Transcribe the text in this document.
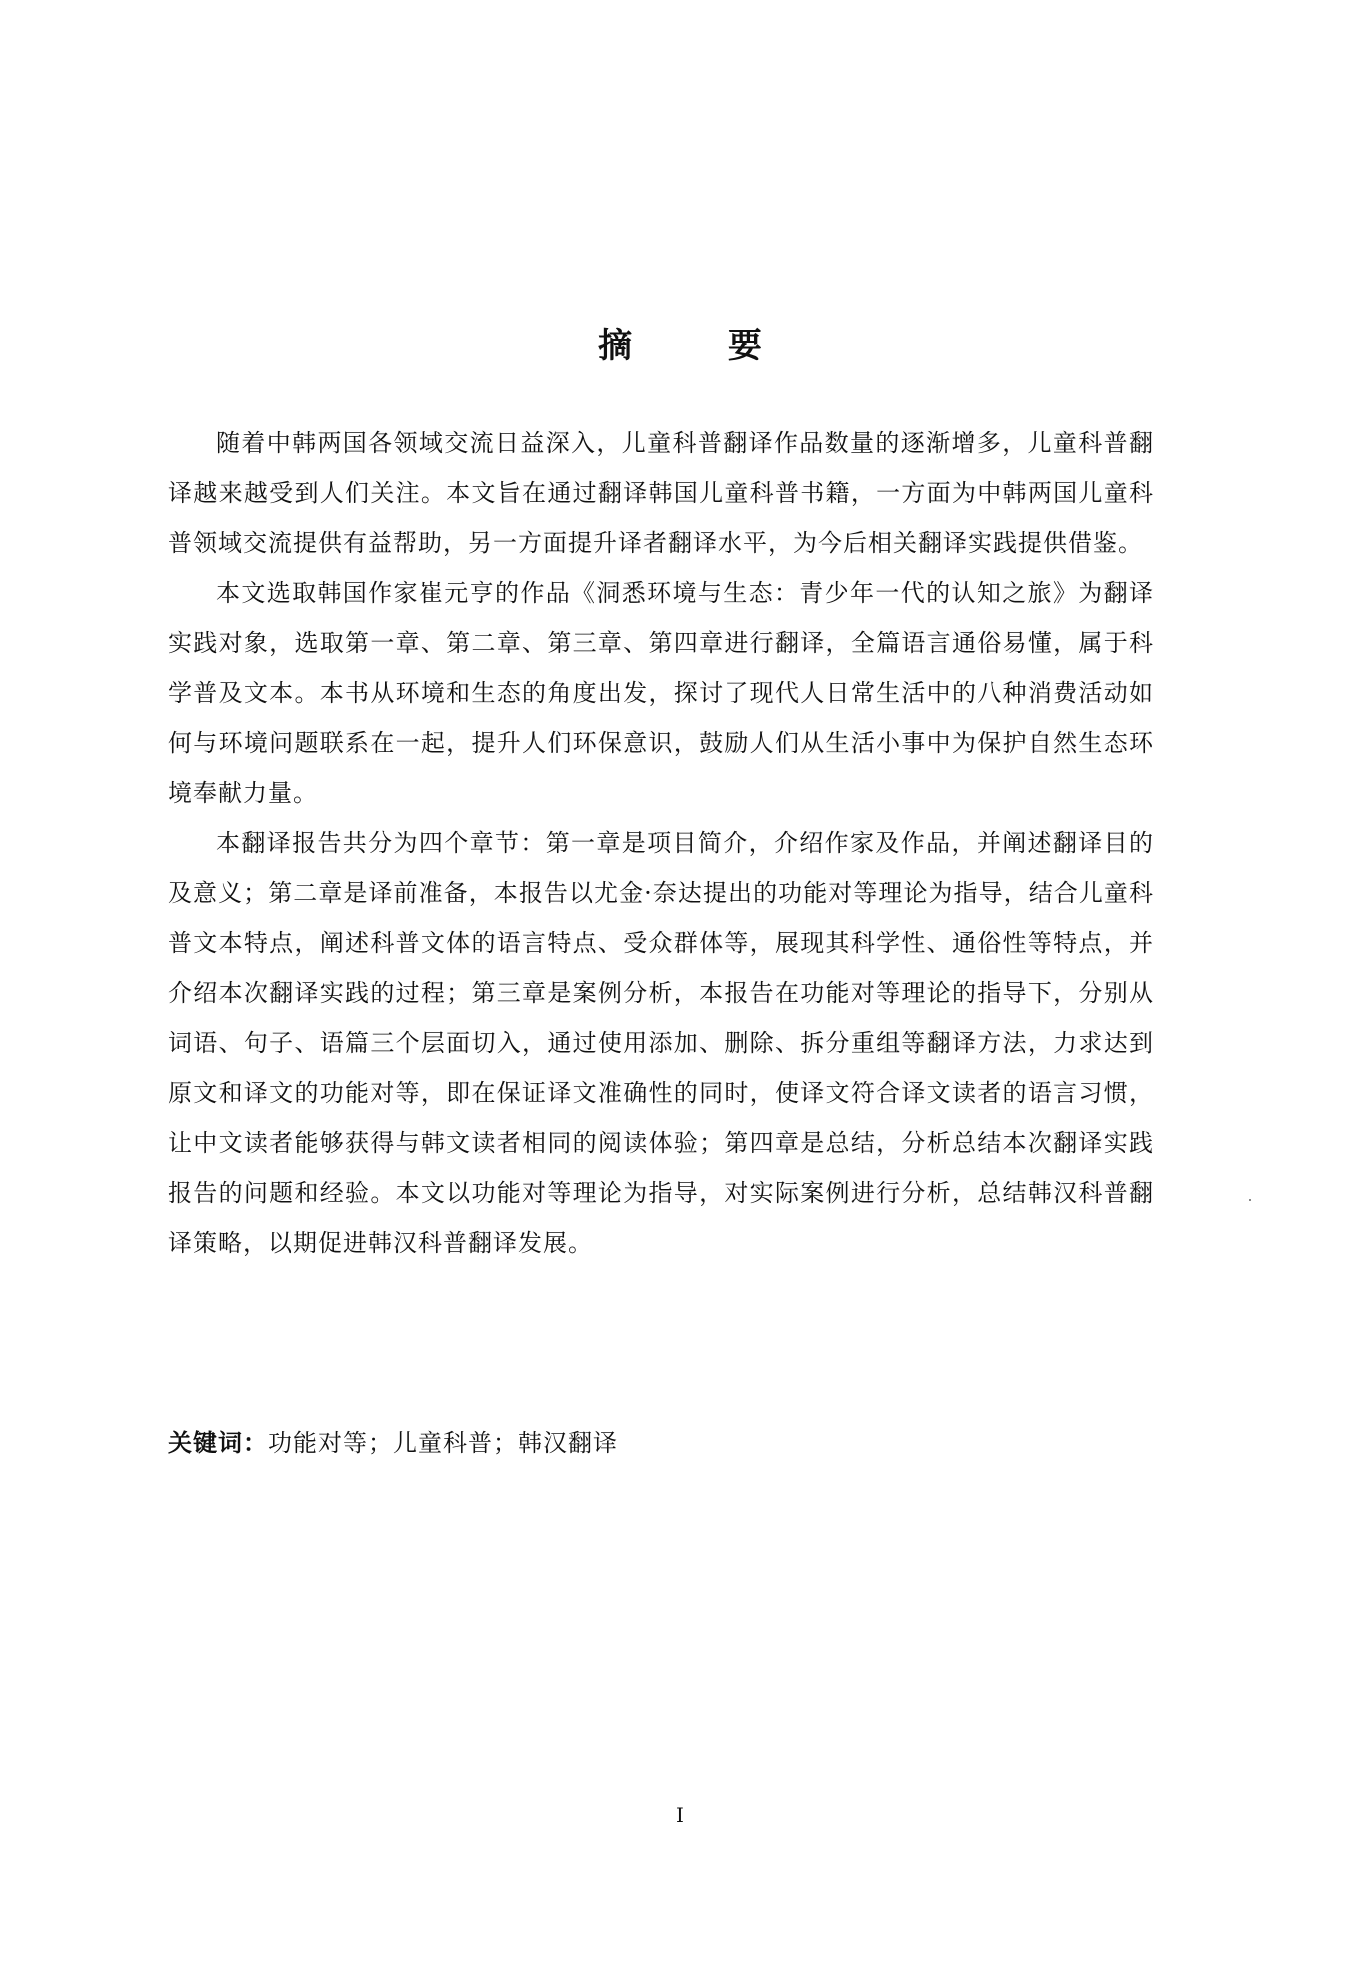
摘 要

随着中韩两国各领域交流日益深入，儿童科普翻译作品数量的逐渐增多，儿童科普翻译越来越受到人们关注。本文旨在通过翻译韩国儿童科普书籍，一方面为中韩两国儿童科普领域交流提供有益帮助，另一方面提升译者翻译水平，为今后相关翻译实践提供借鉴。

本文选取韩国作家崔元亨的作品《洞悉环境与生态：青少年一代的认知之旅》为翻译实践对象，选取第一章、第二章、第三章、第四章进行翻译，全篇语言通俗易懂，属于科学普及文本。本书从环境和生态的角度出发，探讨了现代人日常生活中的八种消费活动如何与环境问题联系在一起，提升人们环保意识，鼓励人们从生活小事中为保护自然生态环境奉献力量。

本翻译报告共分为四个章节：第一章是项目简介，介绍作家及作品，并阐述翻译目的及意义；第二章是译前准备，本报告以尤金·奈达提出的功能对等理论为指导，结合儿童科普文本特点，阐述科普文体的语言特点、受众群体等，展现其科学性、通俗性等特点，并介绍本次翻译实践的过程；第三章是案例分析，本报告在功能对等理论的指导下，分别从词语、句子、语篇三个层面切入，通过使用添加、删除、拆分重组等翻译方法，力求达到原文和译文的功能对等，即在保证译文准确性的同时，使译文符合译文读者的语言习惯，让中文读者能够获得与韩文读者相同的阅读体验；第四章是总结，分析总结本次翻译实践报告的问题和经验。本文以功能对等理论为指导，对实际案例进行分析，总结韩汉科普翻译策略，以期促进韩汉科普翻译发展。

关键词：功能对等；儿童科普；韩汉翻译

I
